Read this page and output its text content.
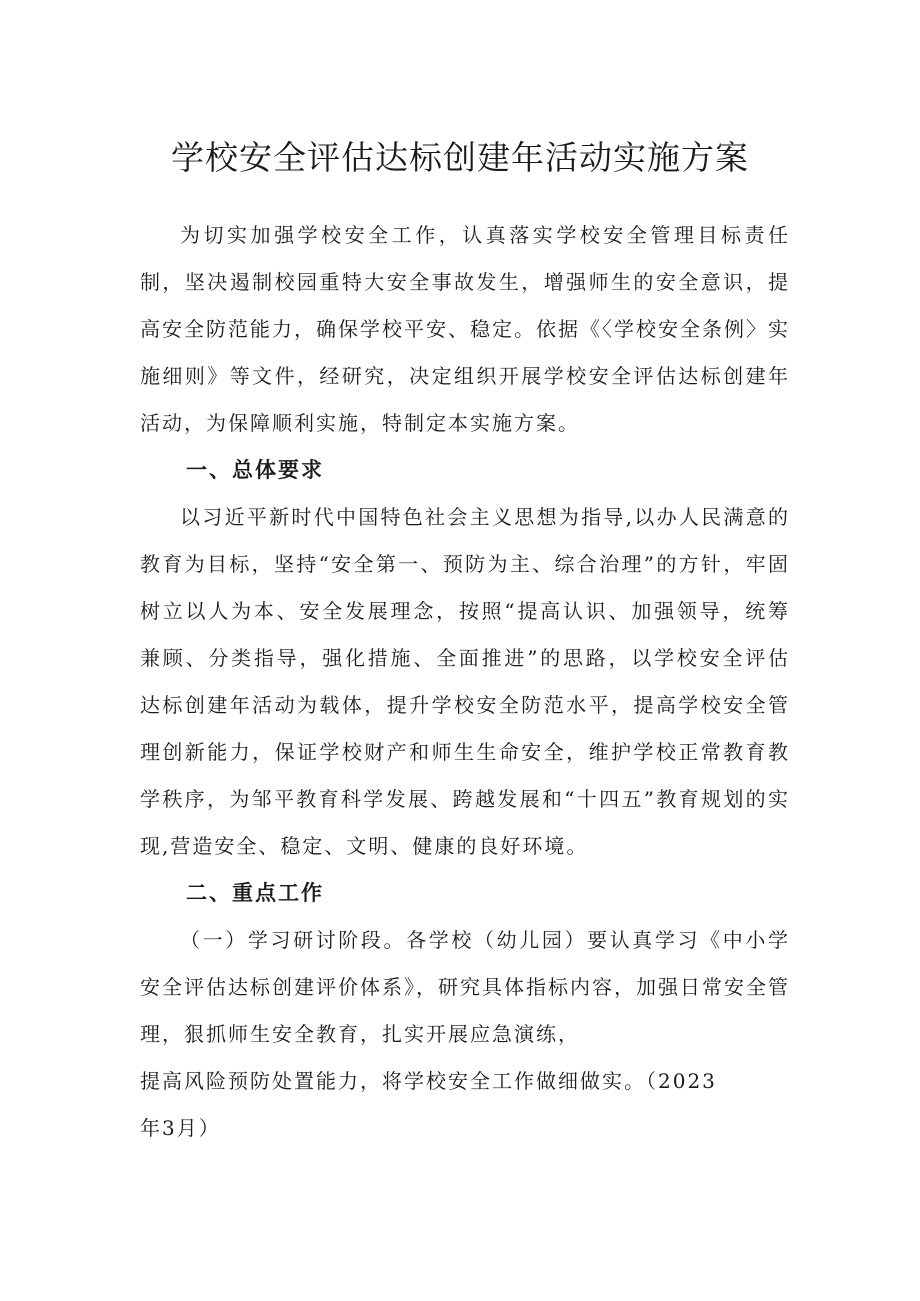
学校安全评估达标创建年活动实施方案

为切实加强学校安全工作，认真落实学校安全管理目标责任制，坚决遏制校园重特大安全事故发生，增强师生的安全意识，提高安全防范能力，确保学校平安、稳定。依据《〈学校安全条例〉实施细则》等文件，经研究，决定组织开展学校安全评估达标创建年活动，为保障顺利实施，特制定本实施方案。

一、总体要求

以习近平新时代中国特色社会主义思想为指导,以办人民满意的教育为目标，坚持“安全第一、预防为主、综合治理”的方针，牢固树立以人为本、安全发展理念，按照“提高认识、加强领导，统筹兼顾、分类指导，强化措施、全面推进”的思路，以学校安全评估达标创建年活动为载体，提升学校安全防范水平，提高学校安全管理创新能力，保证学校财产和师生生命安全，维护学校正常教育教学秩序，为邹平教育科学发展、跨越发展和“十四五”教育规划的实现,营造安全、稳定、文明、健康的良好环境。

二、重点工作

（一）学习研讨阶段。各学校（幼儿园）要认真学习《中小学安全评估达标创建评价体系》，研究具体指标内容，加强日常安全管理，狠抓师生安全教育，扎实开展应急演练，

提高风险预防处置能力，将学校安全工作做细做实。（2023

年3月）
